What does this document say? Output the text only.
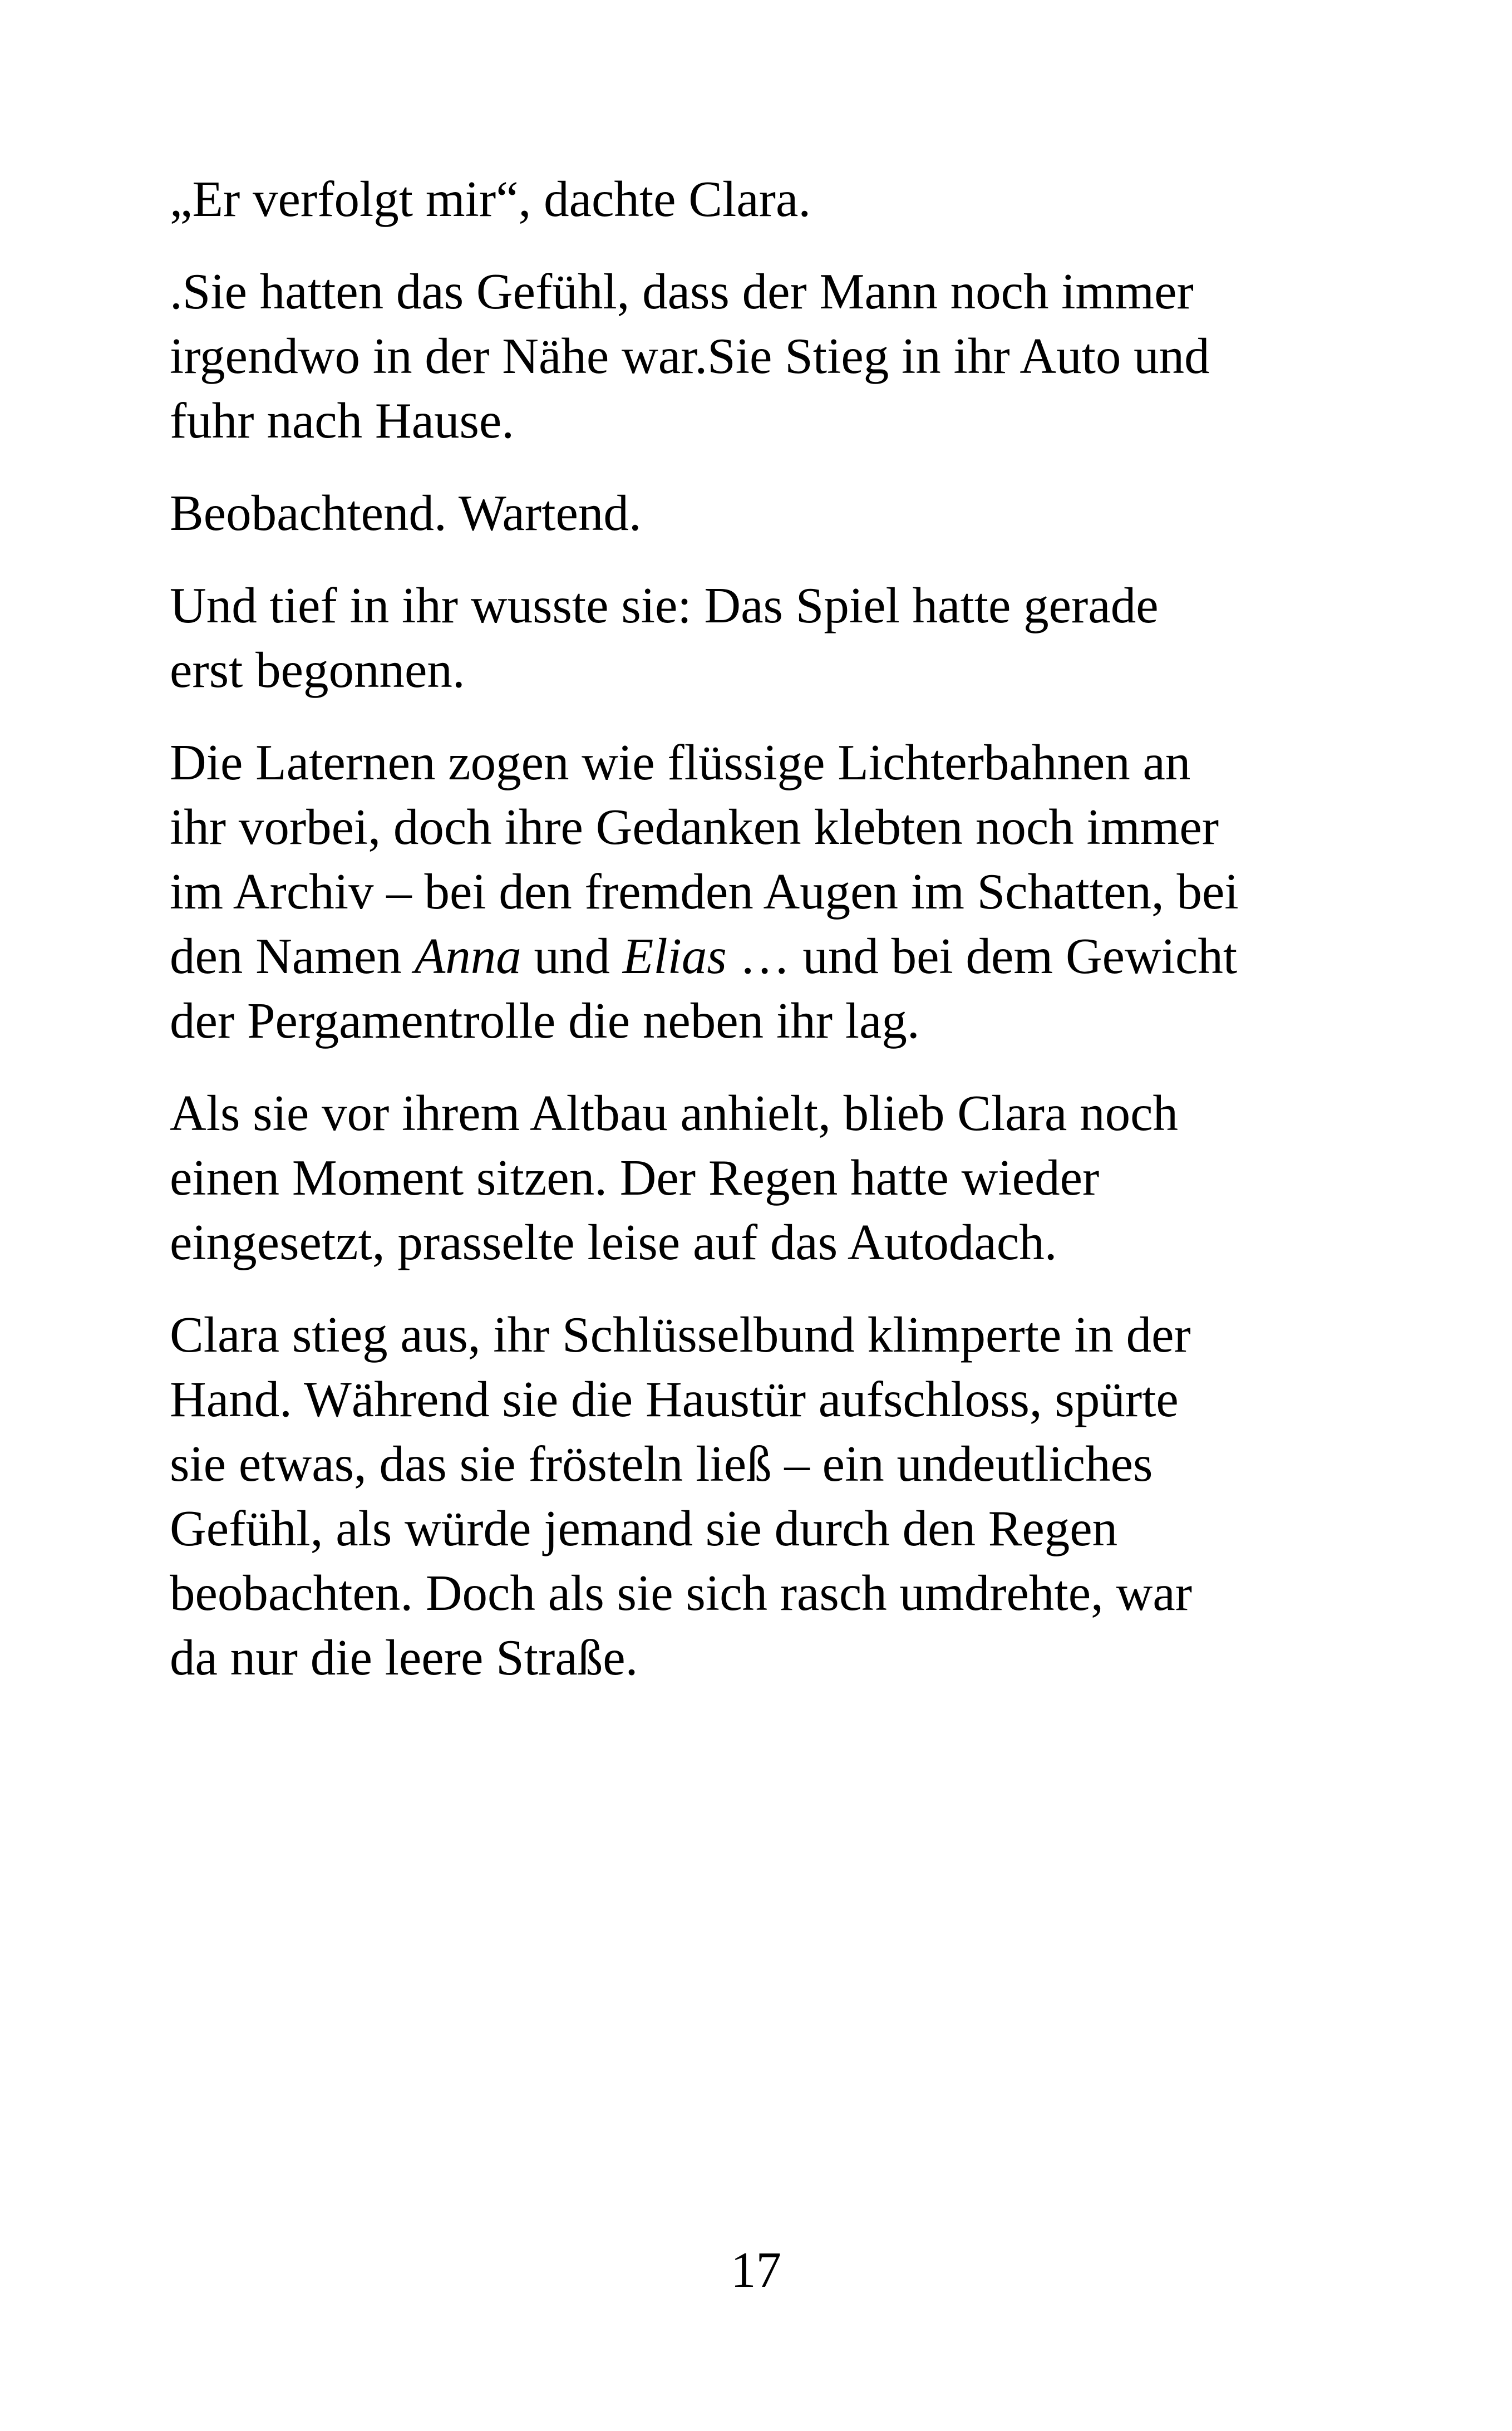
„Er verfolgt mir“, dachte Clara.

.Sie hatten das Gefühl, dass der Mann noch immer
irgendwo in der Nähe war.Sie Stieg in ihr Auto und
fuhr nach Hause.

Beobachtend. Wartend.

Und tief in ihr wusste sie: Das Spiel hatte gerade
erst begonnen.

Die Laternen zogen wie flüssige Lichterbahnen an
ihr vorbei, doch ihre Gedanken klebten noch immer
im Archiv – bei den fremden Augen im Schatten, bei
den Namen Anna und Elias … und bei dem Gewicht
der Pergamentrolle die neben ihr lag.

Als sie vor ihrem Altbau anhielt, blieb Clara noch
einen Moment sitzen. Der Regen hatte wieder
eingesetzt, prasselte leise auf das Autodach.

Clara stieg aus, ihr Schlüsselbund klimperte in der
Hand. Während sie die Haustür aufschloss, spürte
sie etwas, das sie frösteln ließ – ein undeutliches
Gefühl, als würde jemand sie durch den Regen
beobachten. Doch als sie sich rasch umdrehte, war
da nur die leere Straße.

17
